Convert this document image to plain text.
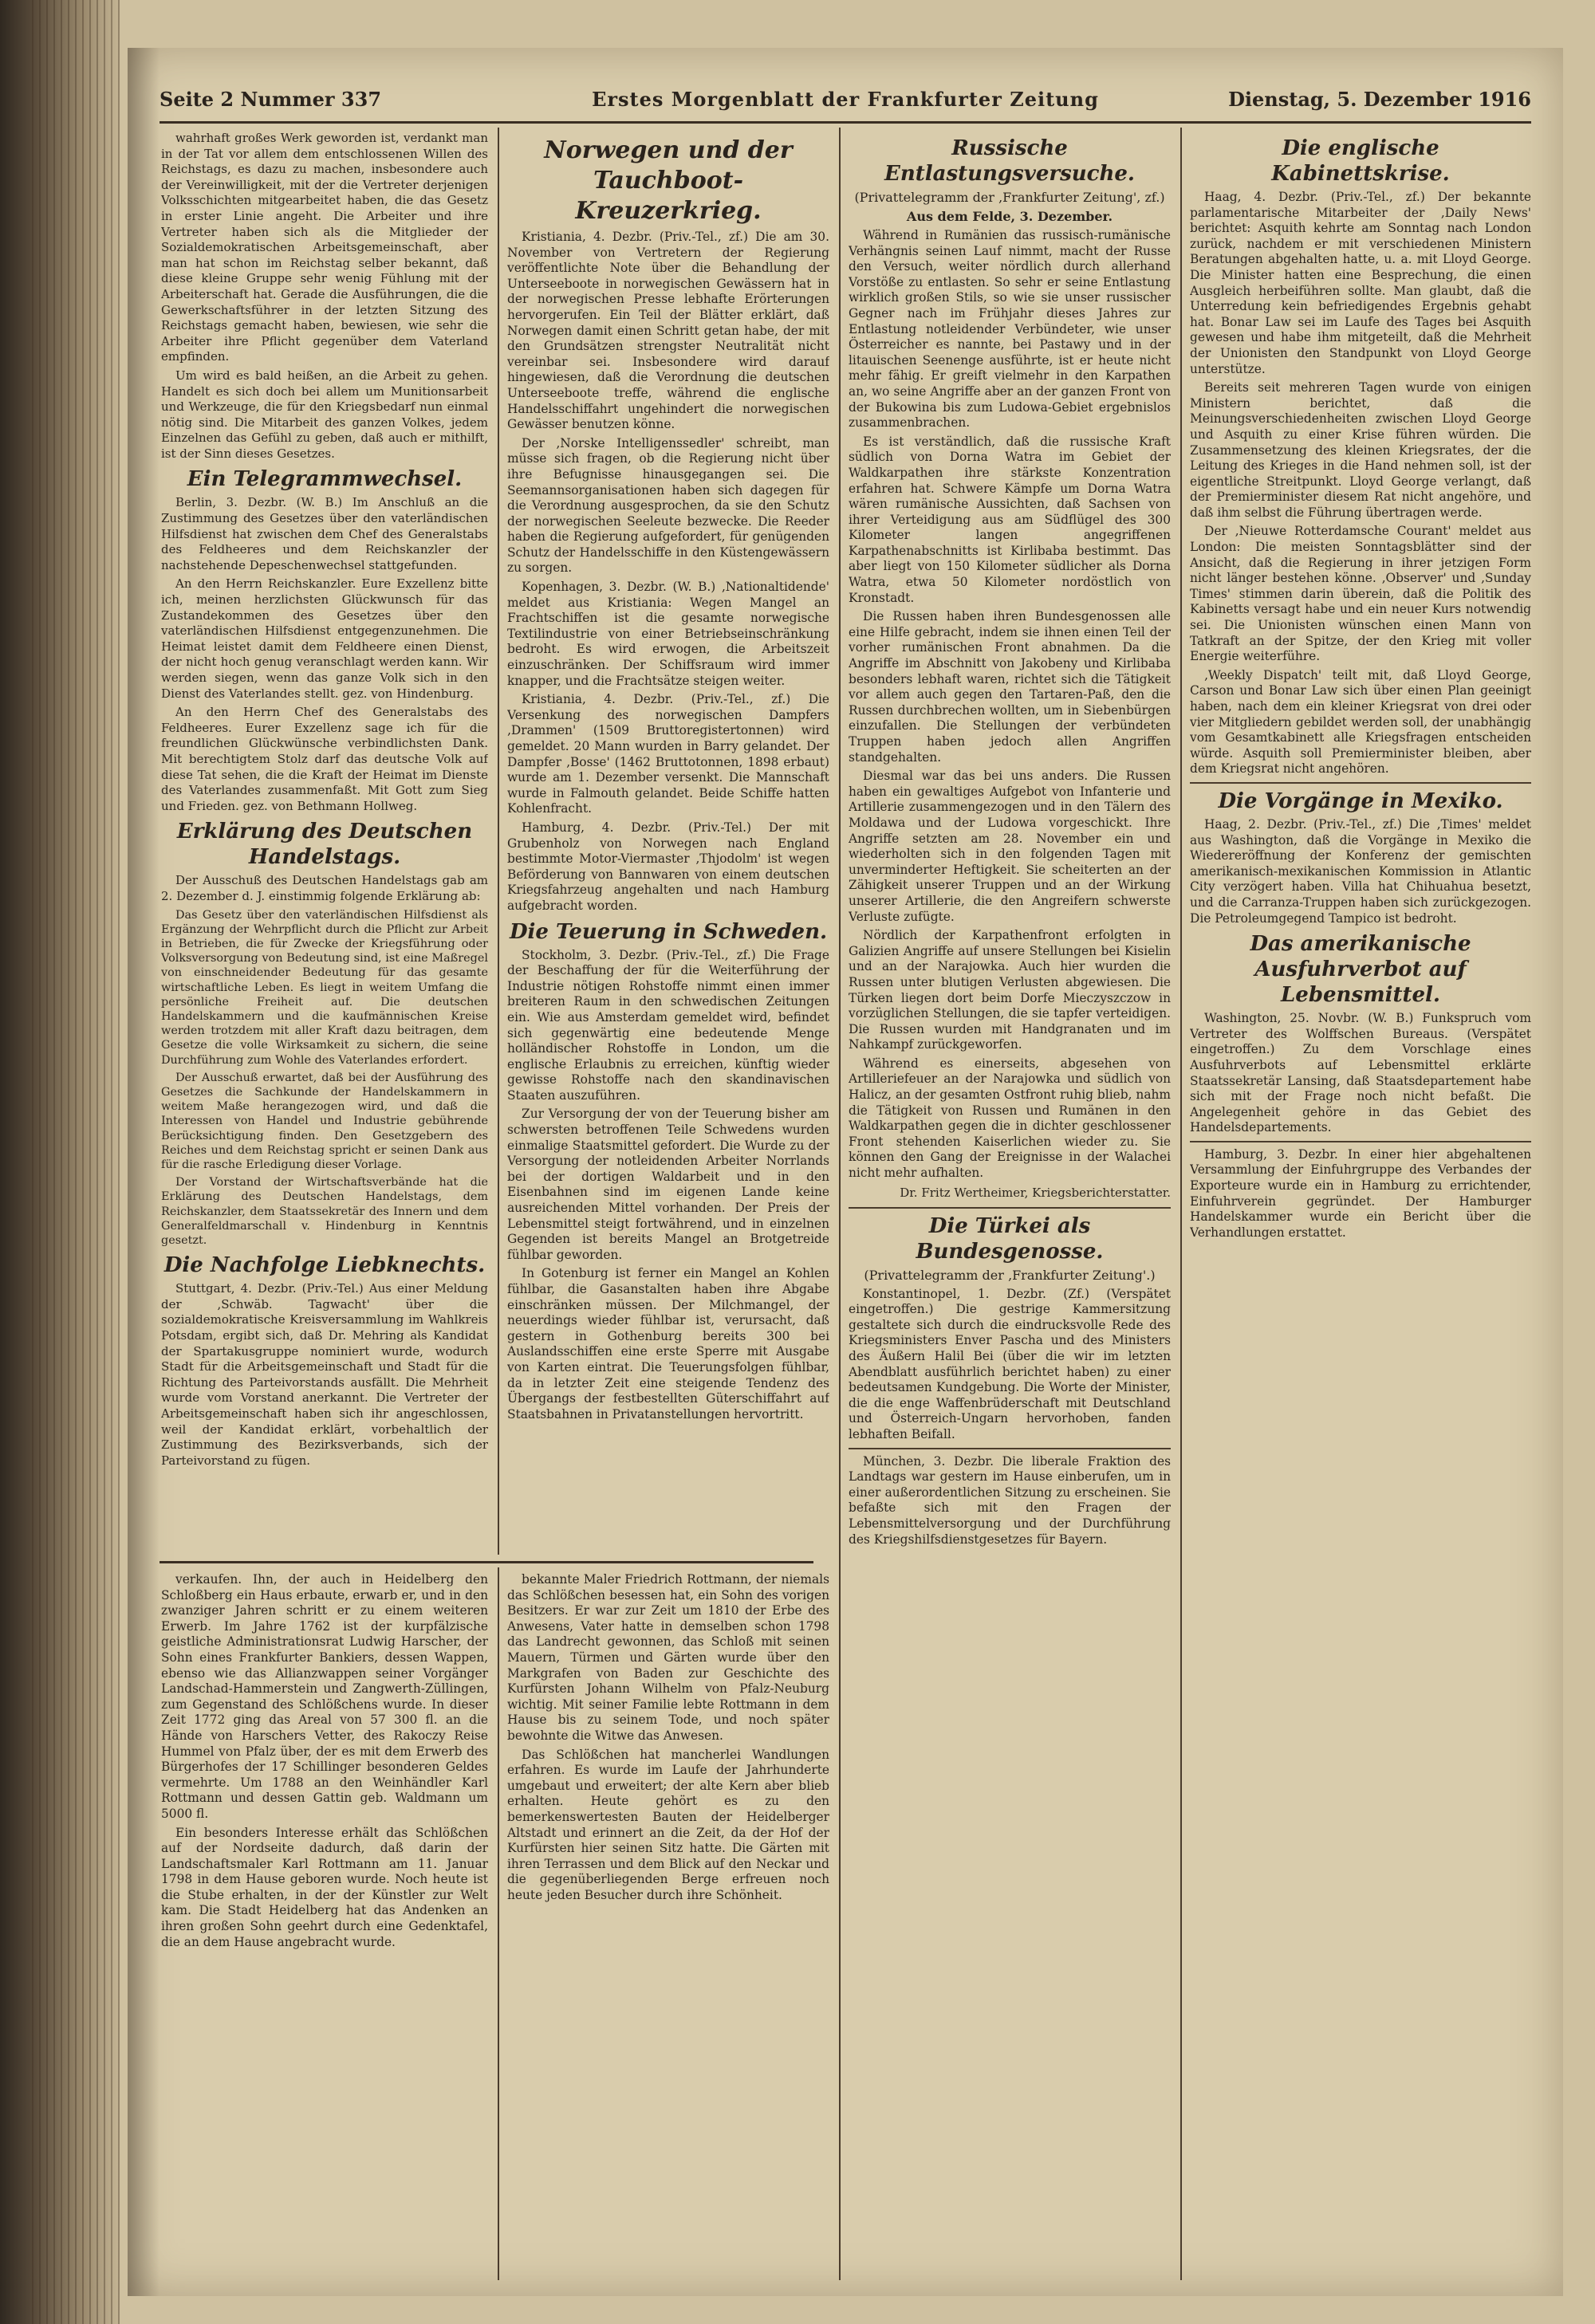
Seite 2 Nummer 337	Erstes Morgenblatt der Frankfurter Zeitung	Dienstag, 5. Dezember 1916

wahrhaft großes Werk geworden ist, verdankt man in der Tat vor allem dem entschlossenen Willen des Reichstags, es dazu zu machen, insbesondere auch der Vereinwilligkeit, mit der die Vertreter derjenigen Volksschichten mitgearbeitet haben, die das Gesetz in erster Linie angeht. Die Arbeiter und ihre Vertreter haben sich als die Mitglieder der Sozialdemokratischen Arbeitsgemeinschaft, aber man hat schon im Reichstag selber bekannt, daß diese kleine Gruppe sehr wenig Fühlung mit der Arbeiterschaft hat. Gerade die Ausführungen, die die Gewerkschaftsführer in der letzten Sitzung des Reichstags gemacht haben, bewiesen, wie sehr die Arbeiter ihre Pflicht gegenüber dem Vaterland empfinden.

Um wird es bald heißen, an die Arbeit zu gehen. Handelt es sich doch bei allem um Munitionsarbeit und Werkzeuge, die für den Kriegsbedarf nun einmal nötig sind. Die Mitarbeit des ganzen Volkes, jedem Einzelnen das Gefühl zu geben, daß auch er mithilft, ist der Sinn dieses Gesetzes.

Ein Telegrammwechsel.

Berlin, 3. Dezbr. (W. B.) Im Anschluß an die Zustimmung des Gesetzes über den vaterländischen Hilfsdienst hat zwischen dem Chef des Generalstabs des Feldheeres und dem Reichskanzler der nachstehende Depeschenwechsel stattgefunden.

An den Herrn Reichskanzler. Eure Exzellenz bitte ich, meinen herzlichsten Glückwunsch für das Zustandekommen des Gesetzes über den vaterländischen Hilfsdienst entgegenzunehmen. Die Heimat leistet damit dem Feldheere einen Dienst, der nicht hoch genug veranschlagt werden kann. Wir werden siegen, wenn das ganze Volk sich in den Dienst des Vaterlandes stellt. gez. von Hindenburg.

An den Herrn Chef des Generalstabs des Feldheeres. Eurer Exzellenz sage ich für die freundlichen Glückwünsche verbindlichsten Dank. Mit berechtigtem Stolz darf das deutsche Volk auf diese Tat sehen, die die Kraft der Heimat im Dienste des Vaterlandes zusammenfaßt. Mit Gott zum Sieg und Frieden. gez. von Bethmann Hollweg.

Erklärung des Deutschen Handelstags.

Der Ausschuß des Deutschen Handelstags gab am 2. Dezember d. J. einstimmig folgende Erklärung ab:

Das Gesetz über den vaterländischen Hilfsdienst als Ergänzung der Wehrpflicht durch die Pflicht zur Arbeit in Betrieben, die für Zwecke der Kriegsführung oder Volksversorgung von Bedeutung sind, ist eine Maßregel von einschneidender Bedeutung für das gesamte wirtschaftliche Leben. Es liegt in weitem Umfang die persönliche Freiheit auf. Die deutschen Handelskammern und die kaufmännischen Kreise werden trotzdem mit aller Kraft dazu beitragen, dem Gesetze die volle Wirksamkeit zu sichern, die seine Durchführung zum Wohle des Vaterlandes erfordert.

Der Ausschuß erwartet, daß bei der Ausführung des Gesetzes die Sachkunde der Handelskammern in weitem Maße herangezogen wird, und daß die Interessen von Handel und Industrie gebührende Berücksichtigung finden. Den Gesetzgebern des Reiches und dem Reichstag spricht er seinen Dank aus für die rasche Erledigung dieser Vorlage.

Der Vorstand der Wirtschaftsverbände hat die Erklärung des Deutschen Handelstags, dem Reichskanzler, dem Staatssekretär des Innern und dem Generalfeldmarschall v. Hindenburg in Kenntnis gesetzt.

Die Nachfolge Liebknechts.

Stuttgart, 4. Dezbr. (Priv.-Tel.) Aus einer Meldung der ‚Schwäb. Tagwacht' über die sozialdemokratische Kreisversammlung im Wahlkreis Potsdam, ergibt sich, daß Dr. Mehring als Kandidat der Spartakusgruppe nominiert wurde, wodurch Stadt für die Arbeitsgemeinschaft und Stadt für die Richtung des Parteivorstands ausfällt. Die Mehrheit wurde vom Vorstand anerkannt. Die Vertreter der Arbeitsgemeinschaft haben sich ihr angeschlossen, weil der Kandidat erklärt, vorbehaltlich der Zustimmung des Bezirksverbands, sich der Parteivorstand zu fügen.

Norwegen und der Tauchboot-Kreuzerkrieg.

Kristiania, 4. Dezbr. (Priv.-Tel., zf.) Die am 30. November von Vertretern der Regierung veröffentlichte Note über die Behandlung der Unterseeboote in norwegischen Gewässern hat in der norwegischen Presse lebhafte Erörterungen hervorgerufen. Ein Teil der Blätter erklärt, daß Norwegen damit einen Schritt getan habe, der mit den Grundsätzen strengster Neutralität nicht vereinbar sei. Insbesondere wird darauf hingewiesen, daß die Verordnung die deutschen Unterseeboote treffe, während die englische Handelsschiffahrt ungehindert die norwegischen Gewässer benutzen könne.

Der ‚Norske Intelligenssedler' schreibt, man müsse sich fragen, ob die Regierung nicht über ihre Befugnisse hinausgegangen sei. Die Seemannsorganisationen haben sich dagegen für die Verordnung ausgesprochen, da sie den Schutz der norwegischen Seeleute bezwecke. Die Reeder haben die Regierung aufgefordert, für genügenden Schutz der Handelsschiffe in den Küstengewässern zu sorgen.

Kopenhagen, 3. Dezbr. (W. B.) ‚Nationaltidende' meldet aus Kristiania: Wegen Mangel an Frachtschiffen ist die gesamte norwegische Textilindustrie von einer Betriebseinschränkung bedroht. Es wird erwogen, die Arbeitszeit einzuschränken. Der Schiffsraum wird immer knapper, und die Frachtsätze steigen weiter.

Kristiania, 4. Dezbr. (Priv.-Tel., zf.) Die Versenkung des norwegischen Dampfers ‚Drammen' (1509 Bruttoregistertonnen) wird gemeldet. 20 Mann wurden in Barry gelandet. Der Dampfer ‚Bosse' (1462 Bruttotonnen, 1898 erbaut) wurde am 1. Dezember versenkt. Die Mannschaft wurde in Falmouth gelandet. Beide Schiffe hatten Kohlenfracht.

Hamburg, 4. Dezbr. (Priv.-Tel.) Der mit Grubenholz von Norwegen nach England bestimmte Motor-Viermaster ‚Thjodolm' ist wegen Beförderung von Bannwaren von einem deutschen Kriegsfahrzeug angehalten und nach Hamburg aufgebracht worden.

Die Teuerung in Schweden.

Stockholm, 3. Dezbr. (Priv.-Tel., zf.) Die Frage der Beschaffung der für die Weiterführung der Industrie nötigen Rohstoffe nimmt einen immer breiteren Raum in den schwedischen Zeitungen ein. Wie aus Amsterdam gemeldet wird, befindet sich gegenwärtig eine bedeutende Menge holländischer Rohstoffe in London, um die englische Erlaubnis zu erreichen, künftig wieder gewisse Rohstoffe nach den skandinavischen Staaten auszuführen.

Zur Versorgung der von der Teuerung bisher am schwersten betroffenen Teile Schwedens wurden einmalige Staatsmittel gefordert. Die Wurde zu der Versorgung der notleidenden Arbeiter Norrlands bei der dortigen Waldarbeit und in den Eisenbahnen sind im eigenen Lande keine ausreichenden Mittel vorhanden. Der Preis der Lebensmittel steigt fortwährend, und in einzelnen Gegenden ist bereits Mangel an Brotgetreide fühlbar geworden.

In Gotenburg ist ferner ein Mangel an Kohlen fühlbar, die Gasanstalten haben ihre Abgabe einschränken müssen. Der Milchmangel, der neuerdings wieder fühlbar ist, verursacht, daß gestern in Gothenburg bereits 300 bei Auslandsschiffen eine erste Sperre mit Ausgabe von Karten eintrat. Die Teuerungsfolgen fühlbar, da in letzter Zeit eine steigende Tendenz des Übergangs der festbestellten Güterschiffahrt auf Staatsbahnen in Privatanstellungen hervortritt.

Russische Entlastungsversuche.
(Privattelegramm der ‚Frankfurter Zeitung', zf.)
Aus dem Felde, 3. Dezember.

Während in Rumänien das russisch-rumänische Verhängnis seinen Lauf nimmt, macht der Russe den Versuch, weiter nördlich durch allerhand Vorstöße zu entlasten. So sehr er seine Entlastung wirklich großen Stils, so wie sie unser russischer Gegner nach im Frühjahr dieses Jahres zur Entlastung notleidender Verbündeter, wie unser Österreicher es nannte, bei Pastawy und in der litauischen Seenenge ausführte, ist er heute nicht mehr fähig. Er greift vielmehr in den Karpathen an, wo seine Angriffe aber an der ganzen Front von der Bukowina bis zum Ludowa-Gebiet ergebnislos zusammenbrachen.

Es ist verständlich, daß die russische Kraft südlich von Dorna Watra im Gebiet der Waldkarpathen ihre stärkste Konzentration erfahren hat. Schwere Kämpfe um Dorna Watra wären rumänische Aussichten, daß Sachsen von ihrer Verteidigung aus am Südflügel des 300 Kilometer langen angegriffenen Karpathenabschnitts ist Kirlibaba bestimmt. Das aber liegt von 150 Kilometer südlicher als Dorna Watra, etwa 50 Kilometer nordöstlich von Kronstadt.

Die Russen haben ihren Bundesgenossen alle eine Hilfe gebracht, indem sie ihnen einen Teil der vorher rumänischen Front abnahmen. Da die Angriffe im Abschnitt von Jakobeny und Kirlibaba besonders lebhaft waren, richtet sich die Tätigkeit vor allem auch gegen den Tartaren-Paß, den die Russen durchbrechen wollten, um in Siebenbürgen einzufallen. Die Stellungen der verbündeten Truppen haben jedoch allen Angriffen standgehalten.

Diesmal war das bei uns anders. Die Russen haben ein gewaltiges Aufgebot von Infanterie und Artillerie zusammengezogen und in den Tälern des Moldawa und der Ludowa vorgeschickt. Ihre Angriffe setzten am 28. November ein und wiederholten sich in den folgenden Tagen mit unverminderter Heftigkeit. Sie scheiterten an der Zähigkeit unserer Truppen und an der Wirkung unserer Artillerie, die den Angreifern schwerste Verluste zufügte.

Nördlich der Karpathenfront erfolgten in Galizien Angriffe auf unsere Stellungen bei Kisielin und an der Narajowka. Auch hier wurden die Russen unter blutigen Verlusten abgewiesen. Die Türken liegen dort beim Dorfe Mieczyszczow in vorzüglichen Stellungen, die sie tapfer verteidigen. Die Russen wurden mit Handgranaten und im Nahkampf zurückgeworfen.

Während es einerseits, abgesehen von Artilleriefeuer an der Narajowka und südlich von Halicz, an der gesamten Ostfront ruhig blieb, nahm die Tätigkeit von Russen und Rumänen in den Waldkarpathen gegen die in dichter geschlossener Front stehenden Kaiserlichen wieder zu. Sie können den Gang der Ereignisse in der Walachei nicht mehr aufhalten.

Dr. Fritz Wertheimer, Kriegsberichterstatter.
Die Türkei als Bundesgenosse.
(Privattelegramm der ‚Frankfurter Zeitung'.)

Konstantinopel, 1. Dezbr. (Zf.) (Verspätet eingetroffen.) Die gestrige Kammersitzung gestaltete sich durch die eindrucksvolle Rede des Kriegsministers Enver Pascha und des Ministers des Äußern Halil Bei (über die wir im letzten Abendblatt ausführlich berichtet haben) zu einer bedeutsamen Kundgebung. Die Worte der Minister, die die enge Waffenbrüderschaft mit Deutschland und Österreich-Ungarn hervorhoben, fanden lebhaften Beifall.

München, 3. Dezbr. Die liberale Fraktion des Landtags war gestern im Hause einberufen, um in einer außerordentlichen Sitzung zu erscheinen. Sie befaßte sich mit den Fragen der Lebensmittelversorgung und der Durchführung des Kriegshilfsdienstgesetzes für Bayern.

Die englische Kabinettskrise.

Haag, 4. Dezbr. (Priv.-Tel., zf.) Der bekannte parlamentarische Mitarbeiter der ‚Daily News' berichtet: Asquith kehrte am Sonntag nach London zurück, nachdem er mit verschiedenen Ministern Beratungen abgehalten hatte, u. a. mit Lloyd George. Die Minister hatten eine Besprechung, die einen Ausgleich herbeiführen sollte. Man glaubt, daß die Unterredung kein befriedigendes Ergebnis gehabt hat. Bonar Law sei im Laufe des Tages bei Asquith gewesen und habe ihm mitgeteilt, daß die Mehrheit der Unionisten den Standpunkt von Lloyd George unterstütze.

Bereits seit mehreren Tagen wurde von einigen Ministern berichtet, daß die Meinungsverschiedenheiten zwischen Lloyd George und Asquith zu einer Krise führen würden. Die Zusammensetzung des kleinen Kriegsrates, der die Leitung des Krieges in die Hand nehmen soll, ist der eigentliche Streitpunkt. Lloyd George verlangt, daß der Premierminister diesem Rat nicht angehöre, und daß ihm selbst die Führung übertragen werde.

Der ‚Nieuwe Rotterdamsche Courant' meldet aus London: Die meisten Sonntagsblätter sind der Ansicht, daß die Regierung in ihrer jetzigen Form nicht länger bestehen könne. ‚Observer' und ‚Sunday Times' stimmen darin überein, daß die Politik des Kabinetts versagt habe und ein neuer Kurs notwendig sei. Die Unionisten wünschen einen Mann von Tatkraft an der Spitze, der den Krieg mit voller Energie weiterführe.

‚Weekly Dispatch' teilt mit, daß Lloyd George, Carson und Bonar Law sich über einen Plan geeinigt haben, nach dem ein kleiner Kriegsrat von drei oder vier Mitgliedern gebildet werden soll, der unabhängig vom Gesamtkabinett alle Kriegsfragen entscheiden würde. Asquith soll Premierminister bleiben, aber dem Kriegsrat nicht angehören.

Die Vorgänge in Mexiko.

Haag, 2. Dezbr. (Priv.-Tel., zf.) Die ‚Times' meldet aus Washington, daß die Vorgänge in Mexiko die Wiedereröffnung der Konferenz der gemischten amerikanisch-mexikanischen Kommission in Atlantic City verzögert haben. Villa hat Chihuahua besetzt, und die Carranza-Truppen haben sich zurückgezogen. Die Petroleumgegend Tampico ist bedroht.

Das amerikanische Ausfuhrverbot auf Lebensmittel.

Washington, 25. Novbr. (W. B.) Funkspruch vom Vertreter des Wolffschen Bureaus. (Verspätet eingetroffen.) Zu dem Vorschlage eines Ausfuhrverbots auf Lebensmittel erklärte Staatssekretär Lansing, daß Staatsdepartement habe sich mit der Frage noch nicht befaßt. Die Angelegenheit gehöre in das Gebiet des Handelsdepartements.

Hamburg, 3. Dezbr. In einer hier abgehaltenen Versammlung der Einfuhrgruppe des Verbandes der Exporteure wurde ein in Hamburg zu errichtender, Einfuhrverein gegründet. Der Hamburger Handelskammer wurde ein Bericht über die Verhandlungen erstattet.

verkaufen. Ihn, der auch in Heidelberg den Schloßberg ein Haus erbaute, erwarb er, und in den zwanziger Jahren schritt er zu einem weiteren Erwerb. Im Jahre 1762 ist der kurpfälzische geistliche Administrationsrat Ludwig Harscher, der Sohn eines Frankfurter Bankiers, dessen Wappen, ebenso wie das Allianzwappen seiner Vorgänger Landschad-Hammerstein und Zangwerth-Züllingen, zum Gegenstand des Schlößchens wurde. In dieser Zeit 1772 ging das Areal von 57 300 fl. an die Hände von Harschers Vetter, des Rakoczy Reise Hummel von Pfalz über, der es mit dem Erwerb des Bürgerhofes der 17 Schillinger besonderen Geldes vermehrte. Um 1788 an den Weinhändler Karl Rottmann und dessen Gattin geb. Waldmann um 5000 fl.

Ein besonders Interesse erhält das Schlößchen auf der Nordseite dadurch, daß darin der Landschaftsmaler Karl Rottmann am 11. Januar 1798 in dem Hause geboren wurde. Noch heute ist die Stube erhalten, in der der Künstler zur Welt kam. Die Stadt Heidelberg hat das Andenken an ihren großen Sohn geehrt durch eine Gedenktafel, die an dem Hause angebracht wurde.

bekannte Maler Friedrich Rottmann, der niemals das Schlößchen besessen hat, ein Sohn des vorigen Besitzers. Er war zur Zeit um 1810 der Erbe des Anwesens, Vater hatte in demselben schon 1798 das Landrecht gewonnen, das Schloß mit seinen Mauern, Türmen und Gärten wurde über den Markgrafen von Baden zur Geschichte des Kurfürsten Johann Wilhelm von Pfalz-Neuburg wichtig. Mit seiner Familie lebte Rottmann in dem Hause bis zu seinem Tode, und noch später bewohnte die Witwe das Anwesen.

Das Schlößchen hat mancherlei Wandlungen erfahren. Es wurde im Laufe der Jahrhunderte umgebaut und erweitert; der alte Kern aber blieb erhalten. Heute gehört es zu den bemerkenswertesten Bauten der Heidelberger Altstadt und erinnert an die Zeit, da der Hof der Kurfürsten hier seinen Sitz hatte. Die Gärten mit ihren Terrassen und dem Blick auf den Neckar und die gegenüberliegenden Berge erfreuen noch heute jeden Besucher durch ihre Schönheit.
